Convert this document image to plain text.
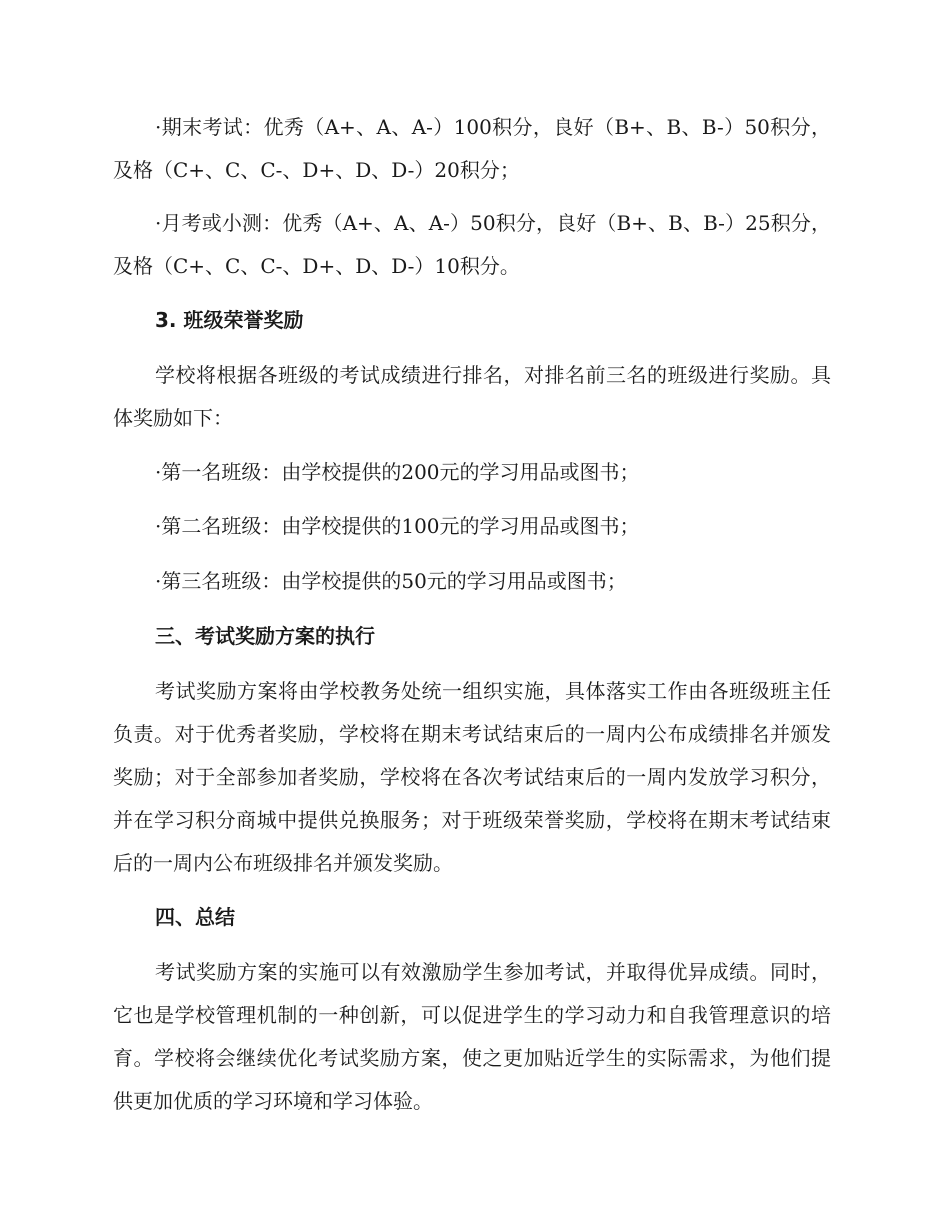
·期末考试：优秀（A+、A、A-）100积分，良好（B+、B、B-）50积分，及格（C+、C、C-、D+、D、D-）20积分；

·月考或小测：优秀（A+、A、A-）50积分，良好（B+、B、B-）25积分，及格（C+、C、C-、D+、D、D-）10积分。

3. 班级荣誉奖励

学校将根据各班级的考试成绩进行排名，对排名前三名的班级进行奖励。具体奖励如下：

·第一名班级：由学校提供的200元的学习用品或图书；

·第二名班级：由学校提供的100元的学习用品或图书；

·第三名班级：由学校提供的50元的学习用品或图书；

三、考试奖励方案的执行

考试奖励方案将由学校教务处统一组织实施，具体落实工作由各班级班主任负责。对于优秀者奖励，学校将在期末考试结束后的一周内公布成绩排名并颁发奖励；对于全部参加者奖励，学校将在各次考试结束后的一周内发放学习积分，并在学习积分商城中提供兑换服务；对于班级荣誉奖励，学校将在期末考试结束后的一周内公布班级排名并颁发奖励。

四、总结

考试奖励方案的实施可以有效激励学生参加考试，并取得优异成绩。同时，它也是学校管理机制的一种创新，可以促进学生的学习动力和自我管理意识的培育。学校将会继续优化考试奖励方案，使之更加贴近学生的实际需求，为他们提供更加优质的学习环境和学习体验。
